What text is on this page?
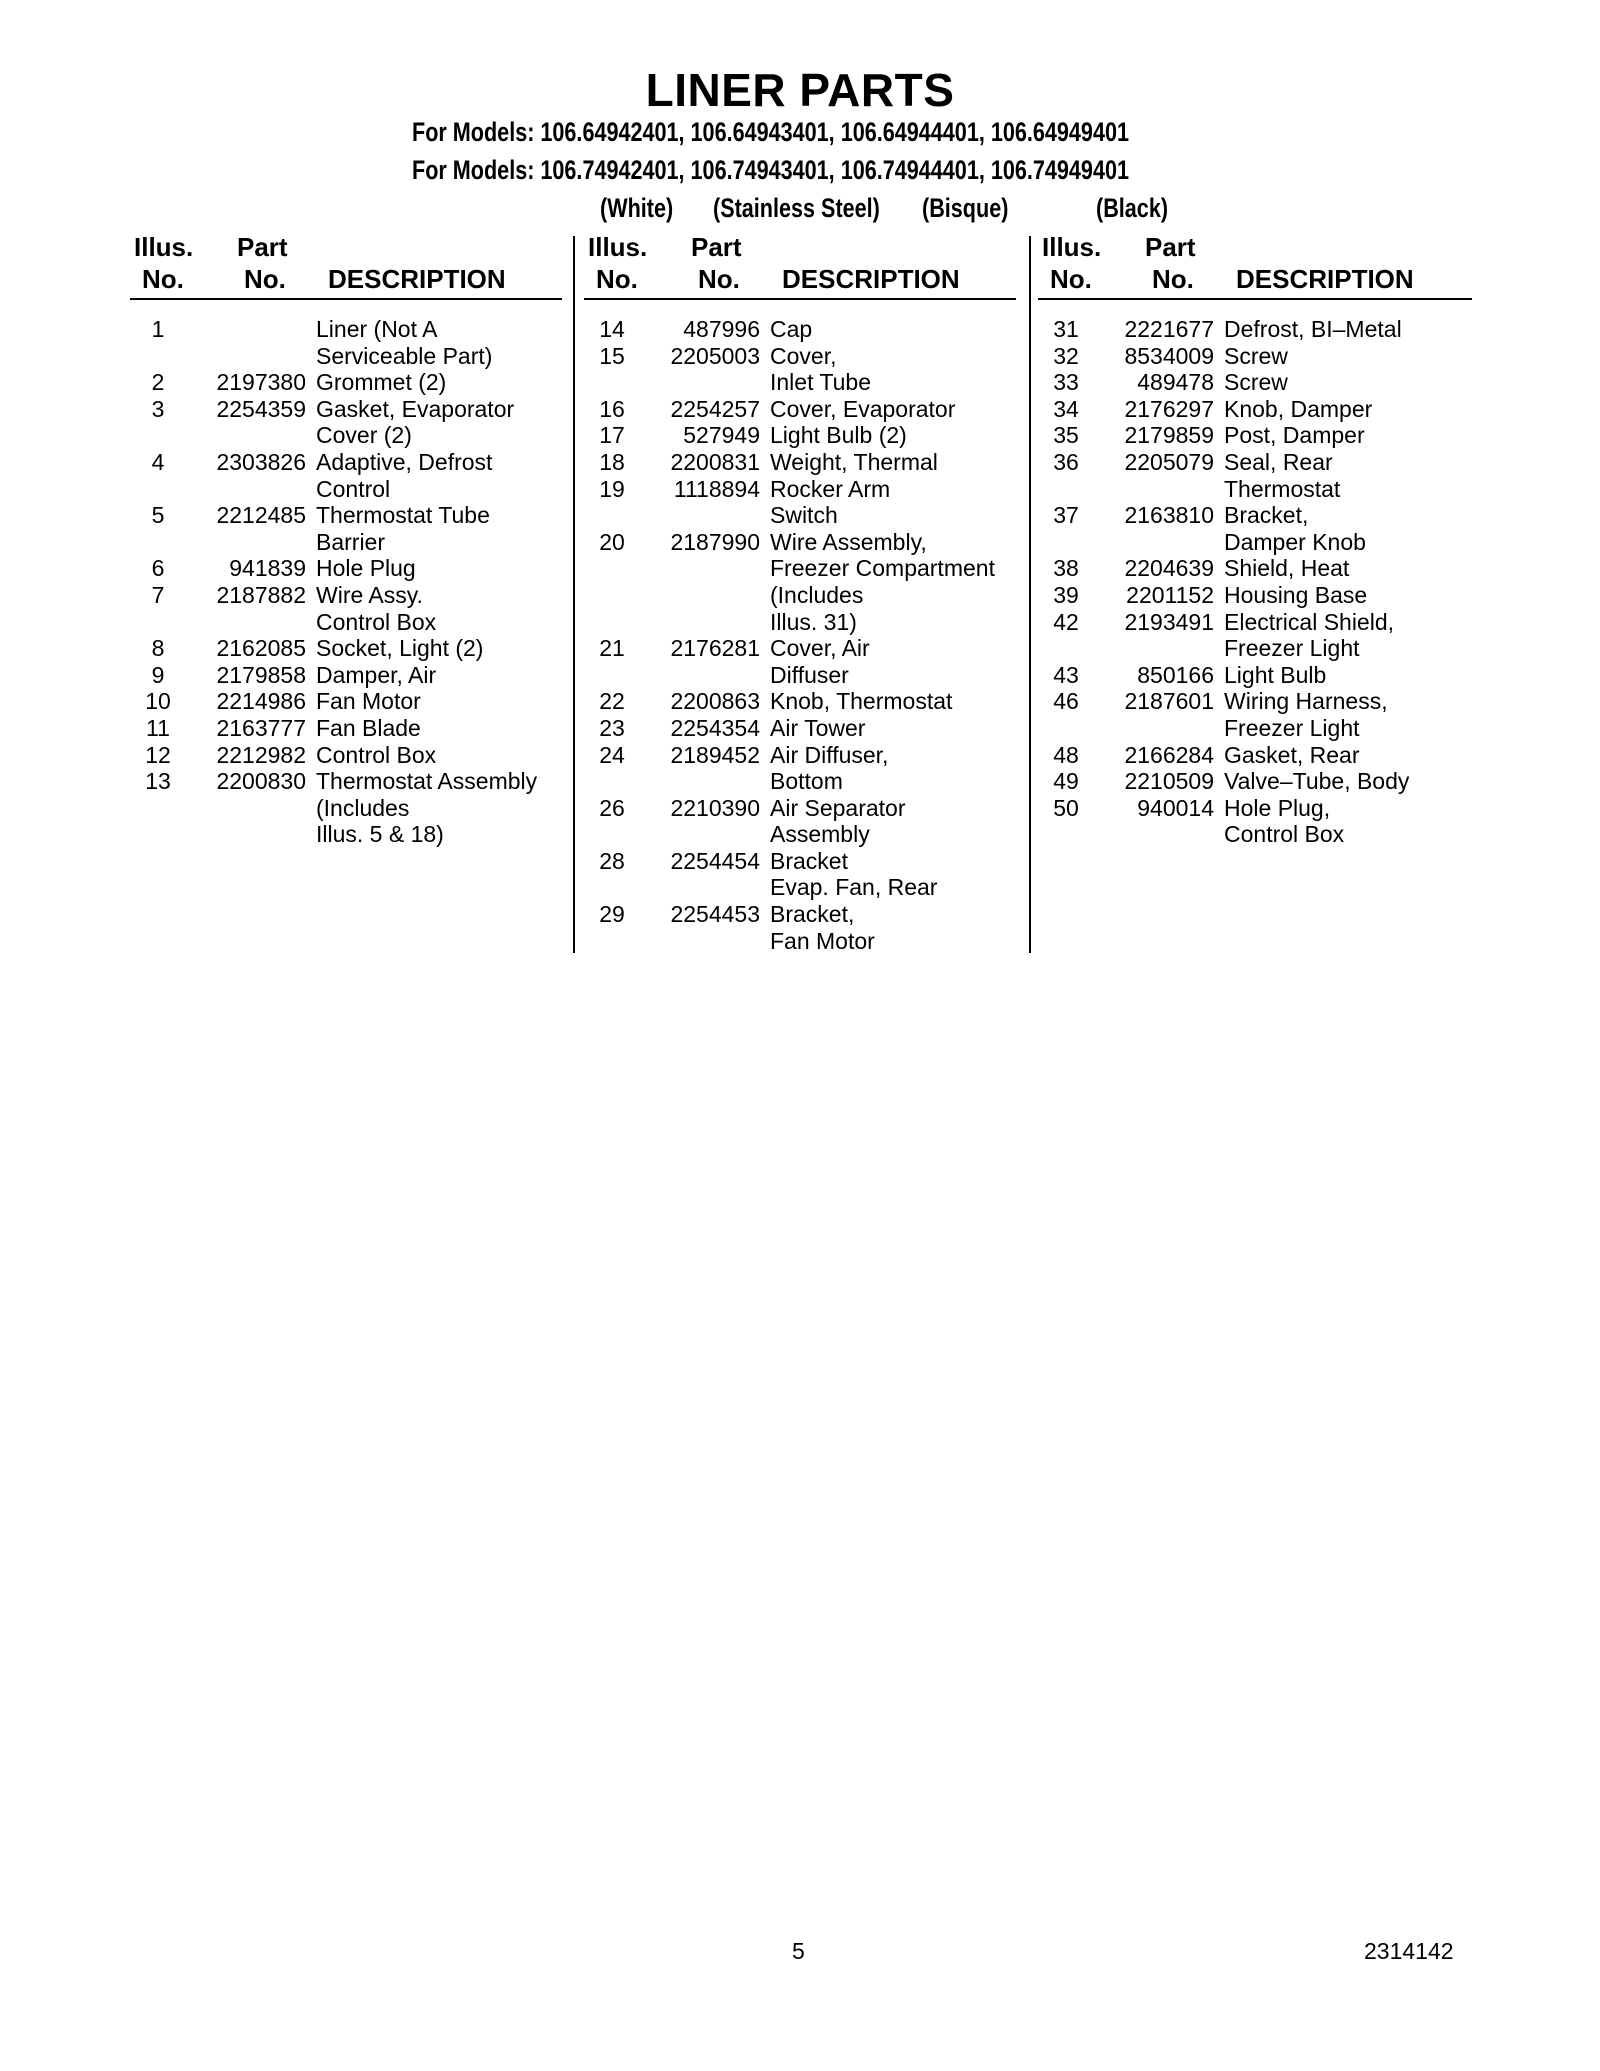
LINER PARTS
For Models: 106.64942401, 106.64943401, 106.64944401, 106.64949401
For Models: 106.74942401, 106.74943401, 106.74944401, 106.74949401
(White) (Stainless Steel) (Bisque)	(Black)
Illus.
No.
Part
No. DESCRIPTION
1	Liner (Not A
Serviceable Part)
2	2197380 Grommet (2)
3	2254359 Gasket, Evaporator
Cover (2)
4	2303826 Adaptive, Defrost
Control
5	2212485 Thermostat Tube
Barrier
6	941839 Hole Plug
7	2187882 Wire Assy.
Control Box
8	2162085 Socket, Light (2)
9	2179858 Damper, Air
10	2214986 Fan Motor
11	2163777 Fan Blade
12	2212982 Control Box
13	2200830 Thermostat Assembly
(Includes
Illus. 5 & 18)
Illus.
No.
Part
No. DESCRIPTION
14	487996 Cap
15	2205003 Cover,
Inlet Tube
16	2254257 Cover, Evaporator
17	527949 Light Bulb (2)
18	2200831 Weight, Thermal
19	1118894 Rocker Arm
Switch
20	2187990 Wire Assembly,
Freezer Compartment
(Includes
Illus. 31)
21	2176281 Cover, Air
Diffuser
22	2200863 Knob, Thermostat
23	2254354 Air Tower
24	2189452 Air Diffuser,
Bottom
26	2210390 Air Separator
Assembly
28	2254454 Bracket
Evap. Fan, Rear
29	2254453 Bracket,
Fan Motor
Illus.
No.
Part
No. DESCRIPTION
31	2221677 Defrost, BI–Metal
32	8534009 Screw
33	489478 Screw
34	2176297 Knob, Damper
35	2179859 Post, Damper
36	2205079 Seal, Rear
Thermostat
37	2163810 Bracket,
Damper Knob
38	2204639 Shield, Heat
39	2201152 Housing Base
42	2193491 Electrical Shield,
Freezer Light
43	850166 Light Bulb
46	2187601 Wiring Harness,
Freezer Light
48	2166284 Gasket, Rear
49	2210509 Valve–Tube, Body
50	940014 Hole Plug,
Control Box
5	2314142
